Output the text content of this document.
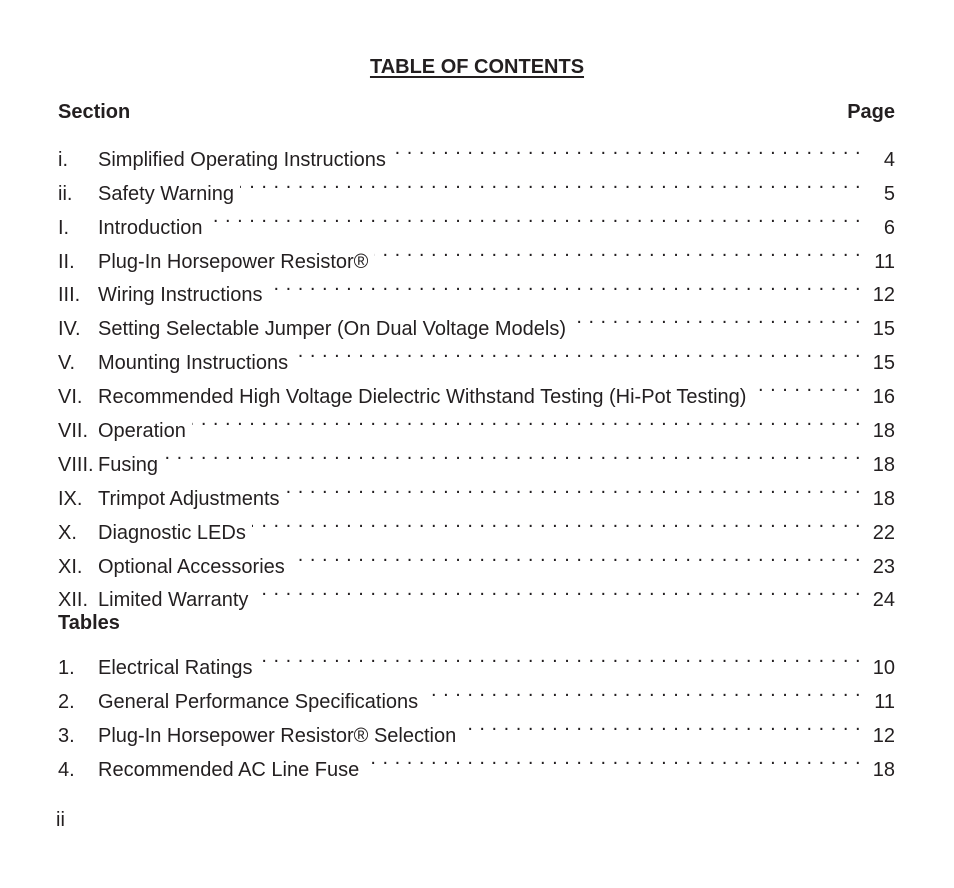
TABLE OF CONTENTS
Section	Page
i.	Simplified Operating Instructions . . .	4
ii.	Safety Warning . . .	5
I.	Introduction . . .	6
II.	Plug-In Horsepower Resistor® . . .	11
III. Wiring Instructions . . .	12
IV. Setting Selectable Jumper (On Dual Voltage Models) . . .	15
V.	Mounting Instructions . . .	15
VI. Recommended High Voltage Dielectric Withstand Testing (Hi-Pot Testing) . . .	16
VII. Operation . . .	18
VIII. Fusing . . .	18
IX. Trimpot Adjustments . . .	18
X.	Diagnostic LEDs . . .	22
XI. Optional Accessories . . .	23
XII. Limited Warranty . . .	24
Tables
1.	Electrical Ratings . . .	10
2.	General Performance Specifications . . .	11
3.	Plug-In Horsepower Resistor® Selection . . .	12
4.	Recommended AC Line Fuse . . .	18
ii
